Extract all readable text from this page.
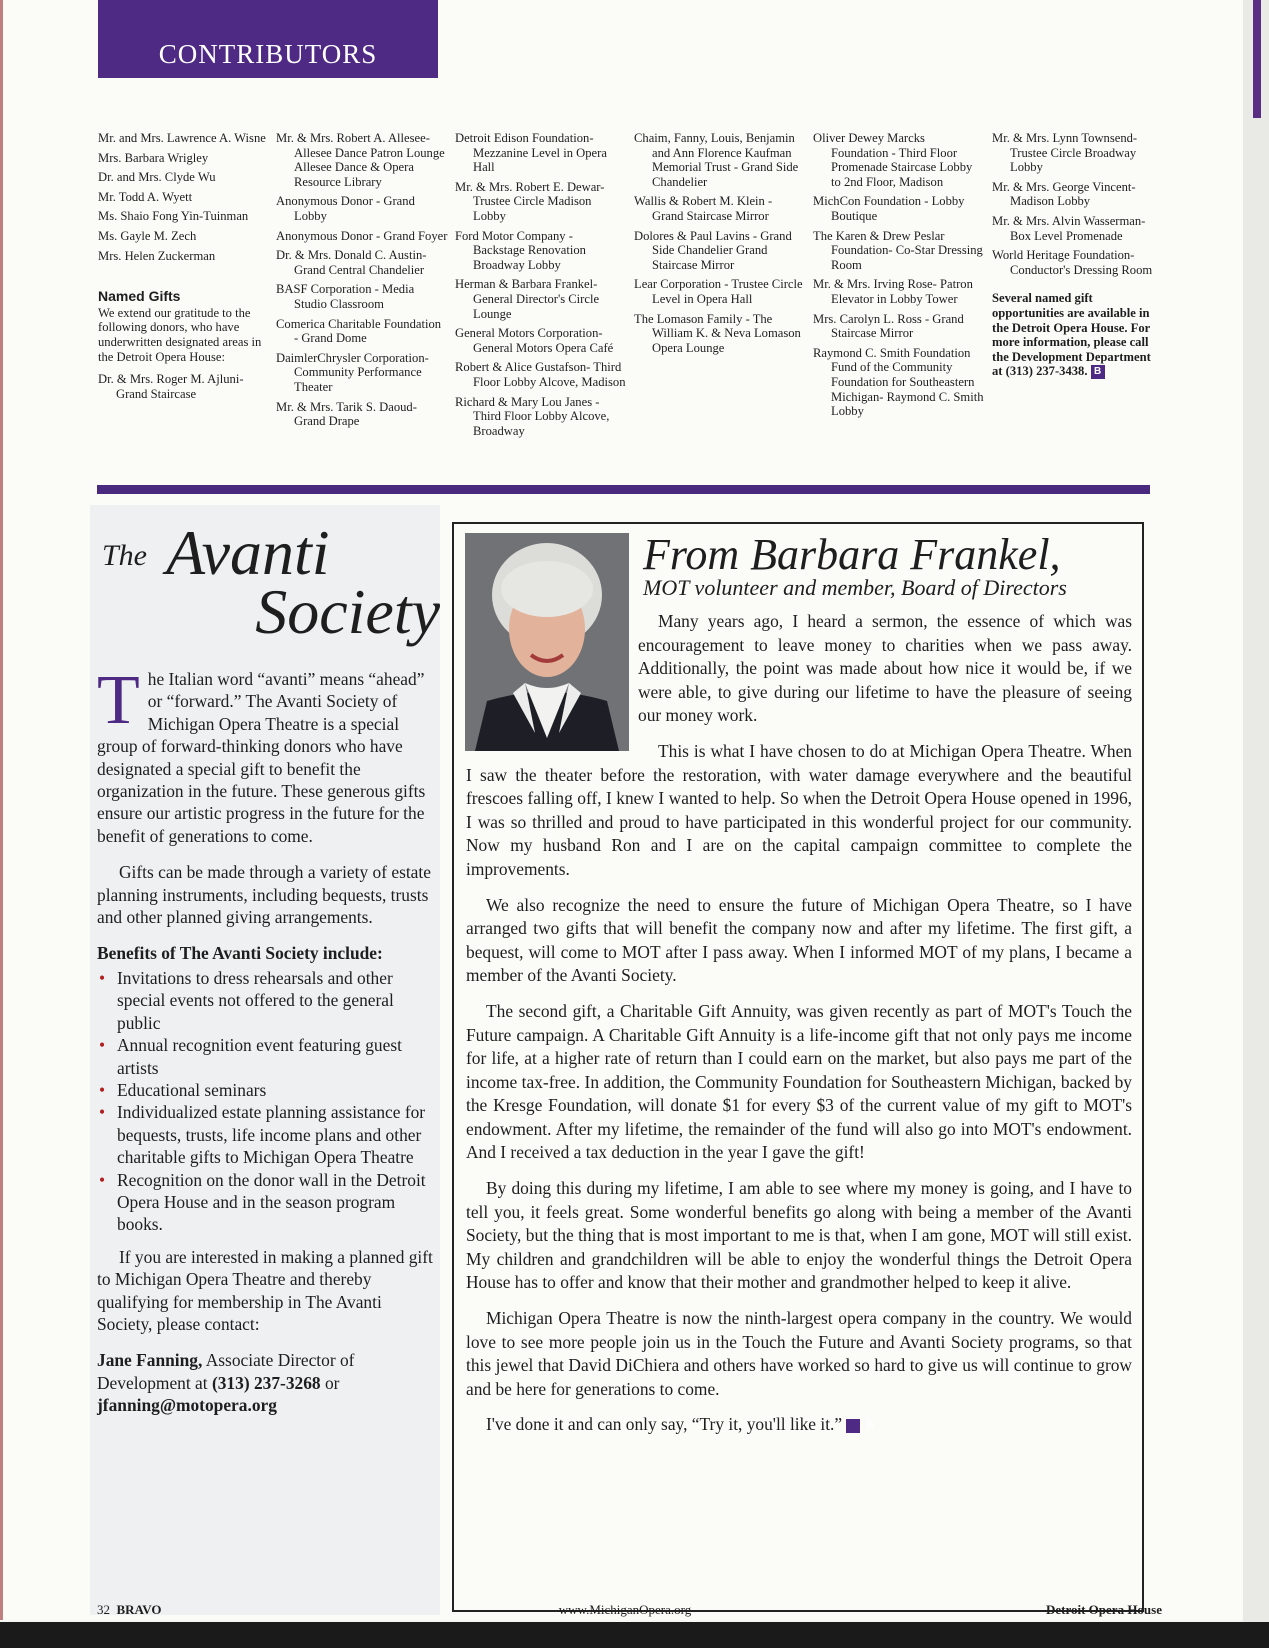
CONTRIBUTORS
Mr. and Mrs. Lawrence A. Wisne
Mrs. Barbara Wrigley
Dr. and Mrs. Clyde Wu
Mr. Todd A. Wyett
Ms. Shaio Fong Yin-Tuinman
Ms. Gayle M. Zech
Mrs. Helen Zuckerman
Named Gifts
We extend our gratitude to the following donors, who have underwritten designated areas in the Detroit Opera House:
Dr. & Mrs. Roger M. Ajluni- Grand Staircase
Mr. & Mrs. Robert A. Allesee- Allesee Dance Patron Lounge Allesee Dance & Opera Resource Library
Anonymous Donor - Grand Lobby
Anonymous Donor - Grand Foyer
Dr. & Mrs. Donald C. Austin- Grand Central Chandelier
BASF Corporation - Media Studio Classroom
Comerica Charitable Foundation - Grand Dome
DaimlerChrysler Corporation- Community Performance Theater
Mr. & Mrs. Tarik S. Daoud- Grand Drape
Detroit Edison Foundation- Mezzanine Level in Opera Hall
Mr. & Mrs. Robert E. Dewar- Trustee Circle Madison Lobby
Ford Motor Company - Backstage Renovation Broadway Lobby
Herman & Barbara Frankel- General Director's Circle Lounge
General Motors Corporation- General Motors Opera Café
Robert & Alice Gustafson- Third Floor Lobby Alcove, Madison
Richard & Mary Lou Janes - Third Floor Lobby Alcove, Broadway
Chaim, Fanny, Louis, Benjamin and Ann Florence Kaufman Memorial Trust - Grand Side Chandelier
Wallis & Robert M. Klein - Grand Staircase Mirror
Dolores & Paul Lavins - Grand Side Chandelier Grand Staircase Mirror
Lear Corporation - Trustee Circle Level in Opera Hall
The Lomason Family - The William K. & Neva Lomason Opera Lounge
Oliver Dewey Marcks Foundation - Third Floor Promenade Staircase Lobby to 2nd Floor, Madison
MichCon Foundation - Lobby Boutique
The Karen & Drew Peslar Foundation- Co-Star Dressing Room
Mr. & Mrs. Irving Rose- Patron Elevator in Lobby Tower
Mrs. Carolyn L. Ross - Grand Staircase Mirror
Raymond C. Smith Foundation Fund of the Community Foundation for Southeastern Michigan- Raymond C. Smith Lobby
Mr. & Mrs. Lynn Townsend- Trustee Circle Broadway Lobby
Mr. & Mrs. George Vincent- Madison Lobby
Mr. & Mrs. Alvin Wasserman- Box Level Promenade
World Heritage Foundation- Conductor's Dressing Room
Several named gift opportunities are available in the Detroit Opera House. For more information, please call the Development Department at (313) 237-3438. B
The Avanti
Society

The Italian word “avanti” means “ahead” or “forward.” The Avanti Society of Michigan Opera Theatre is a special group of forward-thinking donors who have designated a special gift to benefit the organization in the future. These generous gifts ensure our artistic progress in the future for the benefit of generations to come.

Gifts can be made through a variety of estate planning instruments, including bequests, trusts and other planned giving arrangements.

Benefits of The Avanti Society include:
• Invitations to dress rehearsals and other special events not offered to the general public
• Annual recognition event featuring guest artists
• Educational seminars
• Individualized estate planning assistance for bequests, trusts, life income plans and other charitable gifts to Michigan Opera Theatre
• Recognition on the donor wall in the Detroit Opera House and in the season program books.

If you are interested in making a planned gift to Michigan Opera Theatre and thereby qualifying for membership in The Avanti Society, please contact:

Jane Fanning, Associate Director of Development at (313) 237-3268 or
jfanning@motopera.org

From Barbara Frankel,
MOT volunteer and member, Board of Directors

Many years ago, I heard a sermon, the essence of which was encouragement to leave money to charities when we pass away. Additionally, the point was made about how nice it would be, if we were able, to give during our lifetime to have the pleasure of seeing our money work.

This is what I have chosen to do at Michigan Opera Theatre. When I saw the theater before the restoration, with water damage everywhere and the beautiful frescoes falling off, I knew I wanted to help. So when the Detroit Opera House opened in 1996, I was so thrilled and proud to have participated in this wonderful project for our community. Now my husband Ron and I are on the capital campaign committee to complete the improvements.

We also recognize the need to ensure the future of Michigan Opera Theatre, so I have arranged two gifts that will benefit the company now and after my lifetime. The first gift, a bequest, will come to MOT after I pass away. When I informed MOT of my plans, I became a member of the Avanti Society.

The second gift, a Charitable Gift Annuity, was given recently as part of MOT's Touch the Future campaign. A Charitable Gift Annuity is a life-income gift that not only pays me income for life, at a higher rate of return than I could earn on the market, but also pays me part of the income tax-free. In addition, the Community Foundation for Southeastern Michigan, backed by the Kresge Foundation, will donate $1 for every $3 of the current value of my gift to MOT's endowment. After my lifetime, the remainder of the fund will also go into MOT's endowment. And I received a tax deduction in the year I gave the gift!

By doing this during my lifetime, I am able to see where my money is going, and I have to tell you, it feels great. Some wonderful benefits go along with being a member of the Avanti Society, but the thing that is most important to me is that, when I am gone, MOT will still exist. My children and grandchildren will be able to enjoy the wonderful things the Detroit Opera House has to offer and know that their mother and grandmother helped to keep it alive.

Michigan Opera Theatre is now the ninth-largest opera company in the country. We would love to see more people join us in the Touch the Future and Avanti Society programs, so that this jewel that David DiChiera and others have worked so hard to give us will continue to grow and be here for generations to come.

I've done it and can only say, “Try it, you'll like it.” B

32 BRAVO	www.MichiganOpera.org	Detroit Opera House
